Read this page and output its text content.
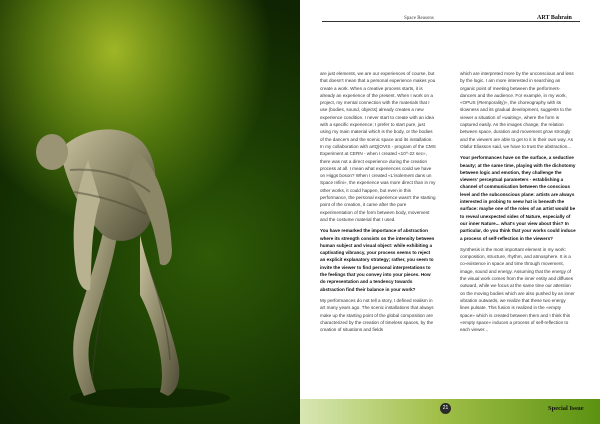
Space Reasons	ART Bahrain

are just elements, we are our experiences of course, but that doesn't mean that a personal experience makes you create a work. When a creative process starts, it is already an experience of the present. When I work on a project, my mental connection with the materials that I use (bodies, sound, objects) already creates a new experience condition. I never start to create with an idea with a specific experience; I prefer to start pure, just using my main material which is the body, or the bodies of the dancers and the scenic space and its installation. In my collaboration with artQ|OVIS - program of the CMS Experiment at CERN - when I created «10^-22 sec», there was not a direct experience during the creation process at all. I mean what experiences could we have on Higgs boson? When I created «L'isolement dans un Space Infini», the experience was more direct than in my other works, it could happen, but even in this performance, the personal experience wasn't the starting point of the creation, it came after the pure experimentation of the form between body, movement and the costume material that I used.

You have remarked the importance of abstraction where its strength consists on the intensity between human subject and visual object: while exhibiting a captivating vibrancy, your process seems to reject an explicit explanatory strategy; rather, you seem to invite the viewer to find personal interpretations to the feelings that you convey into your pieces. How do representation and a tendency towards abstraction find their balance in your work?

My performances do not tell a story, I defined realism in art many years ago. The scenic installations that always make up the starting point of the global composition are characterized by the creation of timeless spaces, by the creation of situations and fields

which are interpreted more by the unconscious and less by the logic. I am more interested in searching an organic point of meeting between the performers-dancers and the audience. For example, in my work, «OPUS (#temporality)», the choreography with its slowness and its gradual development, suggests to the viewer a situation of «waiting», where the form is captured easily. As the images change, the relation between space, duration and movement grow strongly and the viewers are able to get to it in their own way. As Olafur Eliasson said, we have to trust the abstraction...

Your performances have on the surface, a seductive beauty; at the same time, playing with the dichotomy between logic and emotion, they challenge the viewers' perceptual parameters - establishing a channel of communication between the conscious level and the subconscious plane: artists are always interested in probing to seew hat is beneath the surface: maybe one of the roles of an artist would be to reveal unexpected sides of Nature, especially of our inner Nature... what's your view about this? In particular, do you think that your works could induce a process of self-reflection in the viewers?

Synthesis is the most important element in my work: composition, structure, rhythm, and atmosphere. It is a co-existence in space and time through movement, image, sound and energy. Assuming that the energy of the visual work comes from the inner entity and diffuses outward, while we focus at the same time our attention on the moving bodies which are also pushed by an inner vibration outwards, we realize that these two energy lines pulsate. This fusion is realized in the «empty space» which is created between them and I think this «empty space» induces a process of self-reflection to each viewer...

21	Special Issue
